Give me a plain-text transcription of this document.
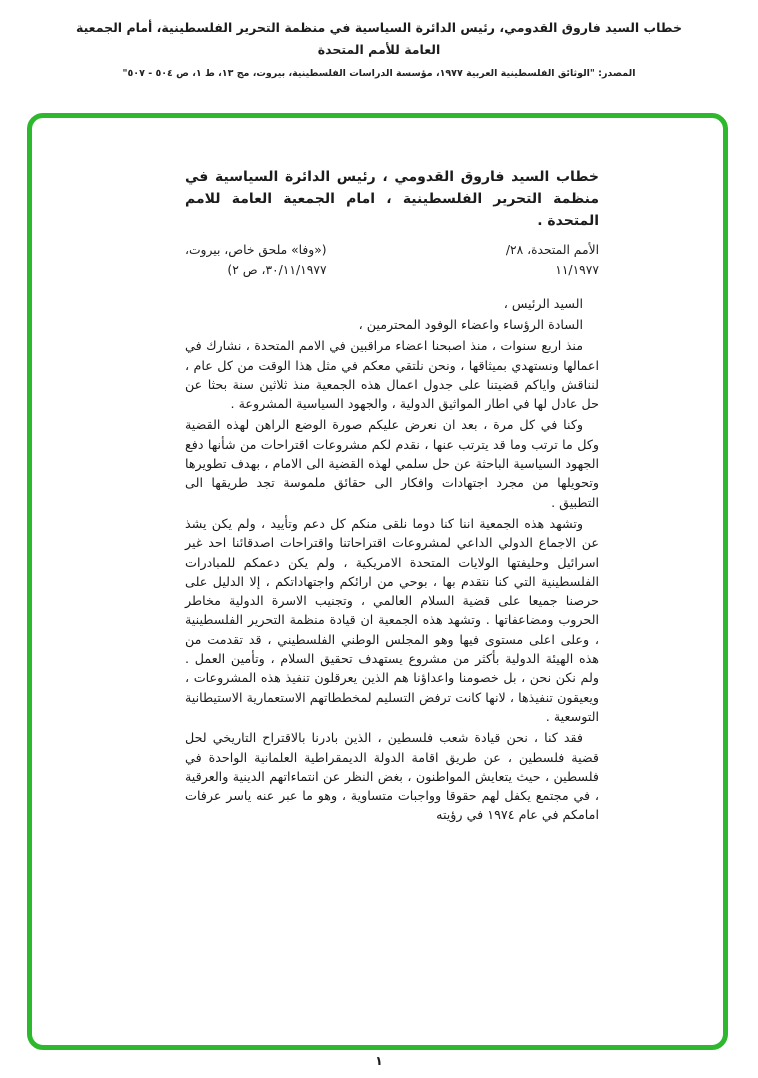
خطاب السيد فاروق القدومي، رئيس الدائرة السياسية في منظمة التحرير الفلسطينية، أمام الجمعية العامة للأمم المتحدة
المصدر: "الوثائق الفلسطينية العربية ١٩٧٧، مؤسسة الدراسات الفلسطينية، بيروت، مج ١٣، ط ١، ص ٥٠٤ - ٥٠٧"
خطاب السيد فاروق القدومي ، رئيس الدائرة السياسية في منظمة التحرير الفلسطينية ، امام الجمعية العامة للامم المتحدة .
الأمم المتحدة، ٢٨/
١١/١٩٧٧
(«وفا» ملحق خاص، بيروت،
٣٠/١١/١٩٧٧، ص ٢)

السيد الرئيس ،

السادة الرؤساء واعضاء الوفود المحترمين ،

منذ اربع سنوات ، منذ اصبحنا اعضاء مراقبين في الامم المتحدة ، نشارك في اعمالها ونستهدي بميثاقها ، ونحن نلتقي معكم في مثل هذا الوقت من كل عام ، لنناقش واياكم قضيتنا على جدول اعمال هذه الجمعية منذ ثلاثين سنة بحثا عن حل عادل لها في اطار المواثيق الدولية ، والجهود السياسية المشروعة .

وكنا في كل مرة ، بعد ان نعرض عليكم صورة الوضع الراهن لهذه القضية وكل ما ترتب وما قد يترتب عنها ، نقدم لكم مشروعات اقتراحات من شأنها دفع الجهود السياسية الباحثة عن حل سلمي لهذه القضية الى الامام ، بهدف تطويرها وتحويلها من مجرد اجتهادات وافكار الى حقائق ملموسة تجد طريقها الى التطبيق .

وتشهد هذه الجمعية اننا كنا دوما نلقى منكم كل دعم وتأييد ، ولم يكن يشذ عن الاجماع الدولي الداعي لمشروعات اقتراحاتنا واقتراحات اصدقائنا احد غير اسرائيل وحليفتها الولايات المتحدة الامريكية ، ولم يكن دعمكم للمبادرات الفلسطينية التي كنا نتقدم بها ، بوحي من ارائكم واجتهاداتكم ، إلا الدليل على حرصنا جميعا على قضية السلام العالمي ، وتجنيب الاسرة الدولية مخاطر الحروب ومضاعفاتها . وتشهد هذه الجمعية ان قيادة منظمة التحرير الفلسطينية ، وعلى اعلى مستوى فيها وهو المجلس الوطني الفلسطيني ، قد تقدمت من هذه الهيئة الدولية بأكثر من مشروع يستهدف تحقيق السلام ، وتأمين العمل . ولم نكن نحن ، بل خصومنا واعداؤنا هم الذين يعرقلون تنفيذ هذه المشروعات ، ويعيقون تنفيذها ، لانها كانت ترفض التسليم لمخططاتهم الاستعمارية الاستيطانية التوسعية .

فقد كنا ، نحن قيادة شعب فلسطين ، الذين بادرنا بالاقتراح التاريخي لحل قضية فلسطين ، عن طريق اقامة الدولة الديمقراطية العلمانية الواحدة في فلسطين ، حيث يتعايش المواطنون ، بغض النظر عن انتماءاتهم الدينية والعرقية ، في مجتمع يكفل لهم حقوقا وواجبات متساوية ، وهو ما عبر عنه ياسر عرفات امامكم في عام ١٩٧٤ في رؤيته

١
